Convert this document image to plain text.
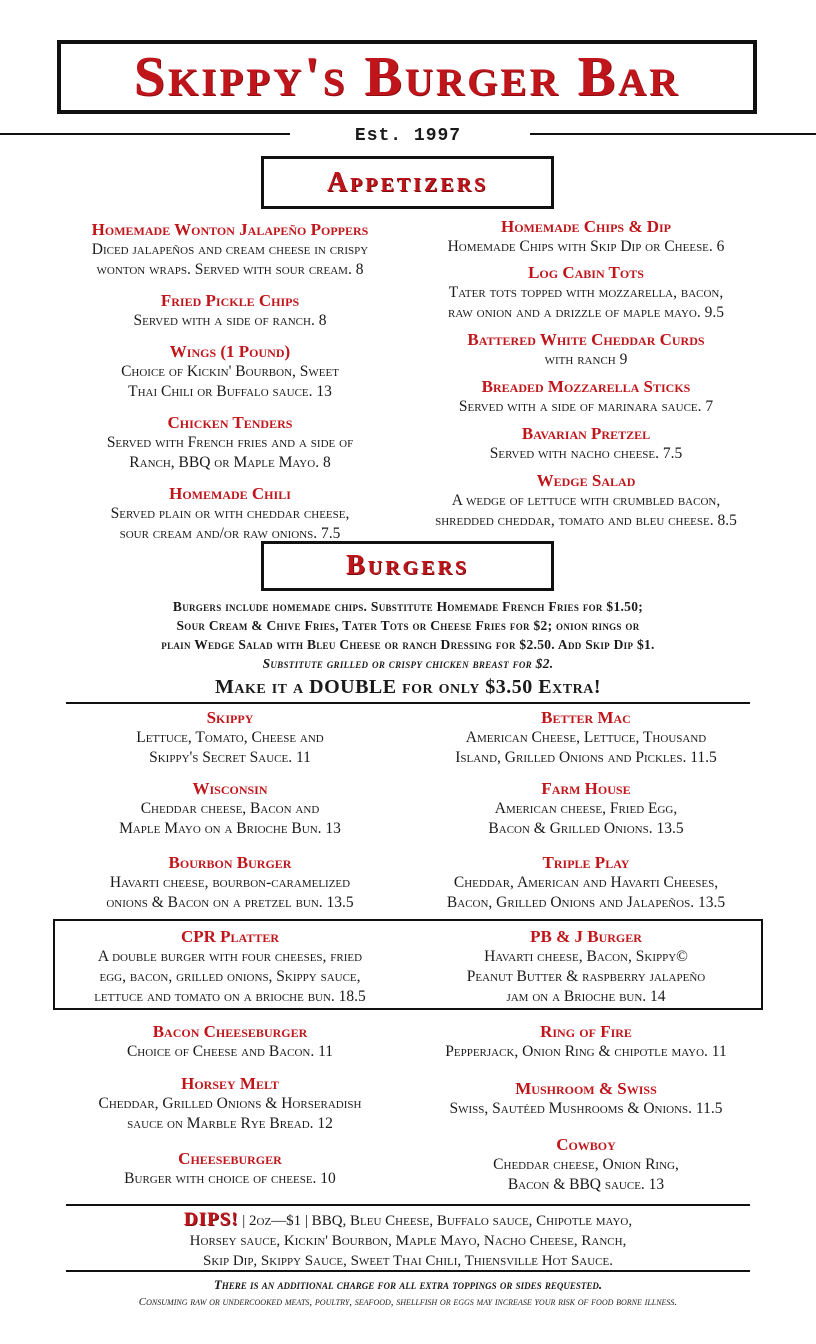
Skippy's Burger Bar
Est. 1997
Appetizers
Homemade Wonton Jalapeño Poppers
Diced jalapeños and cream cheese in crispy
wonton wraps. Served with sour cream. 8
Fried Pickle Chips
Served with a side of ranch. 8
Wings (1 Pound)
Choice of Kickin' Bourbon, Sweet
Thai Chili or Buffalo sauce. 13
Chicken Tenders
Served with French fries and a side of
Ranch, BBQ or Maple Mayo. 8
Homemade Chili
Served plain or with cheddar cheese,
sour cream and/or raw onions. 7.5
Homemade Chips & Dip
Homemade Chips with Skip Dip or Cheese. 6
Log Cabin Tots
Tater tots topped with mozzarella, bacon,
raw onion and a drizzle of maple mayo. 9.5
Battered White Cheddar Curds
with ranch 9
Breaded Mozzarella Sticks
Served with a side of marinara sauce. 7
Bavarian Pretzel
Served with nacho cheese. 7.5
Wedge Salad
A wedge of lettuce with crumbled bacon,
shredded cheddar, tomato and bleu cheese. 8.5
Burgers
Burgers include homemade chips. Substitute Homemade French Fries for $1.50;
Sour Cream & Chive Fries, Tater Tots or Cheese Fries for $2; onion rings or
plain Wedge Salad with Bleu Cheese or ranch Dressing for $2.50. Add Skip Dip $1.
Substitute grilled or crispy chicken breast for $2.
Make it a DOUBLE for only $3.50 Extra!
Skippy
Lettuce, Tomato, Cheese and
Skippy's Secret Sauce. 11
Better Mac
American Cheese, Lettuce, Thousand
Island, Grilled Onions and Pickles. 11.5
Wisconsin
Cheddar cheese, Bacon and
Maple Mayo on a Brioche Bun. 13
Farm House
American cheese, Fried Egg,
Bacon & Grilled Onions. 13.5
Bourbon Burger
Havarti cheese, bourbon-caramelized
onions & Bacon on a pretzel bun. 13.5
Triple Play
Cheddar, American and Havarti Cheeses,
Bacon, Grilled Onions and Jalapeños. 13.5
CPR Platter
A double burger with four cheeses, fried
egg, bacon, grilled onions, Skippy sauce,
lettuce and tomato on a brioche bun. 18.5
PB & J Burger
Havarti cheese, Bacon, Skippy©
Peanut Butter & raspberry jalapeño
jam on a Brioche bun. 14
Bacon Cheeseburger
Choice of Cheese and Bacon. 11
Ring of Fire
Pepperjack, Onion Ring & chipotle mayo. 11
Horsey Melt
Cheddar, Grilled Onions & Horseradish
sauce on Marble Rye Bread. 12
Mushroom & Swiss
Swiss, Sautéed Mushrooms & Onions. 11.5
Cheeseburger
Burger with choice of cheese. 10
Cowboy
Cheddar cheese, Onion Ring,
Bacon & BBQ sauce. 13
DIPS! | 2oz—$1 | BBQ, Bleu Cheese, Buffalo sauce, Chipotle mayo,
Horsey sauce, Kickin' Bourbon, Maple Mayo, Nacho Cheese, Ranch,
Skip Dip, Skippy Sauce, Sweet Thai Chili, Thiensville Hot Sauce.
There is an additional charge for all extra toppings or sides requested.
Consuming raw or undercooked meats, poultry, seafood, shellfish or eggs may increase your risk of food borne illness.
